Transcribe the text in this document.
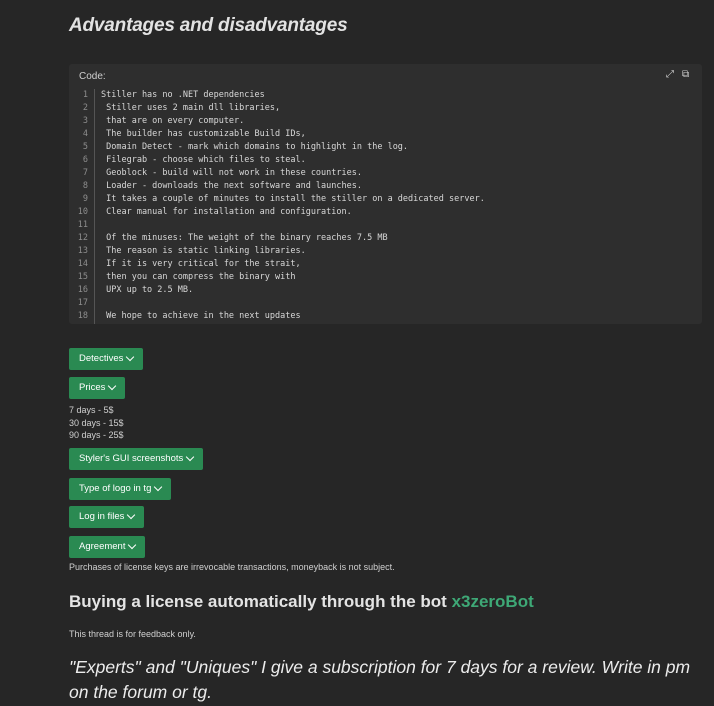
Advantages and disadvantages
Code:	⤢ ⧉
1
2
3
4
5
6
7
8
9
10
11
12
13
14
15
16
17
18
Stiller has no .NET dependencies
Stiller uses 2 main dll libraries,
that are on every computer.
The builder has customizable Build IDs,
Domain Detect - mark which domains to highlight in the log.
Filegrab - choose which files to steal.
Geoblock - build will not work in these countries.
Loader - downloads the next software and launches.
It takes a couple of minutes to install the stiller on a dedicated server.
Clear manual for installation and configuration.
Of the minuses: The weight of the binary reaches 7.5 MB
The reason is static linking libraries.
If it is very critical for the strait,
then you can compress the binary with
UPX up to 2.5 MB.
We hope to achieve in the next updates
Detectives
Prices
7 days - 5$
30 days - 15$
90 days - 25$
Styler's GUI screenshots
Type of logo in tg
Log in files
Agreement
Purchases of license keys are irrevocable transactions, moneyback is not subject.
Buying a license automatically through the bot x3zeroBot
This thread is for feedback only.
"Experts" and "Uniques" I give a subscription for 7 days for a review. Write in pm on the forum or tg.
